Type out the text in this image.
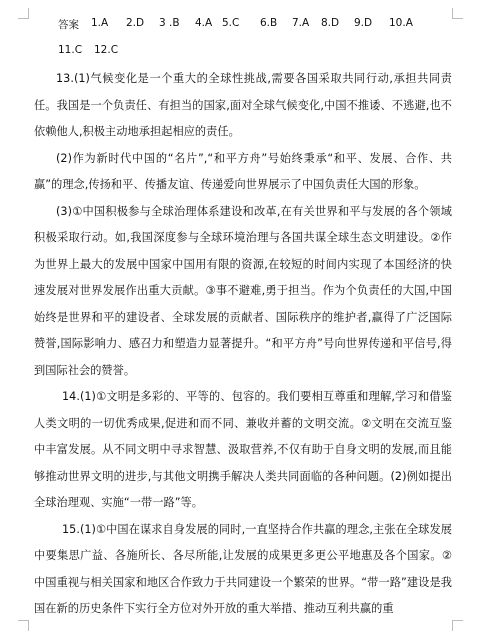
答案 1.A 2.D 3 .B 4.A 5.C 6.B 7.A 8.D 9.D 10.A
11.C 12.C

13.(1)气候变化是一个重大的全球性挑战,需要各国采取共同行动,承担共同责任。我国是一个负责任、有担当的国家,面对全球气候变化,中国不推诿、不逃避,也不依赖他人,积极主动地承担起相应的责任。

(2)作为新时代中国的“名片”,“和平方舟”号始终秉承“和平、发展、合作、共赢”的理念,传扬和平、传播友谊、传递爱向世界展示了中国负责任大国的形象。

(3)①中国积极参与全球治理体系建设和改革,在有关世界和平与发展的各个领域积极采取行动。如,我国深度参与全球环境治理与各国共谋全球生态文明建设。②作为世界上最大的发展中国家中国用有限的资源,在较短的时间内实现了本国经济的快速发展对世界发展作出重大贡献。③事不避难,勇于担当。作为个负责任的大国,中国始终是世界和平的建设者、全球发展的贡献者、国际秩序的维护者,赢得了广泛国际赞誉,国际影响力、感召力和塑造力显著提升。“和平方舟”号向世界传递和平信号,得到国际社会的赞誉。

14.(1)①文明是多彩的、平等的、包容的。我们要相互尊重和理解,学习和借鉴人类文明的一切优秀成果,促进和而不同、兼收并蓄的文明交流。②文明在交流互鉴中丰富发展。从不同文明中寻求智慧、汲取营养,不仅有助于自身文明的发展,而且能够推动世界文明的进步,与其他文明携手解决人类共同面临的各种问题。(2)例如提出全球治理观、实施“一带一路”等。

15.(1)①中国在谋求自身发展的同时,一直坚持合作共赢的理念,主张在全球发展中要集思广益、各施所长、各尽所能,让发展的成果更多更公平地惠及各个国家。②中国重视与相关国家和地区合作致力于共同建设一个繁荣的世界。“带一路”建设是我国在新的历史条件下实行全方位对外开放的重大举措、推动互利共赢的重
